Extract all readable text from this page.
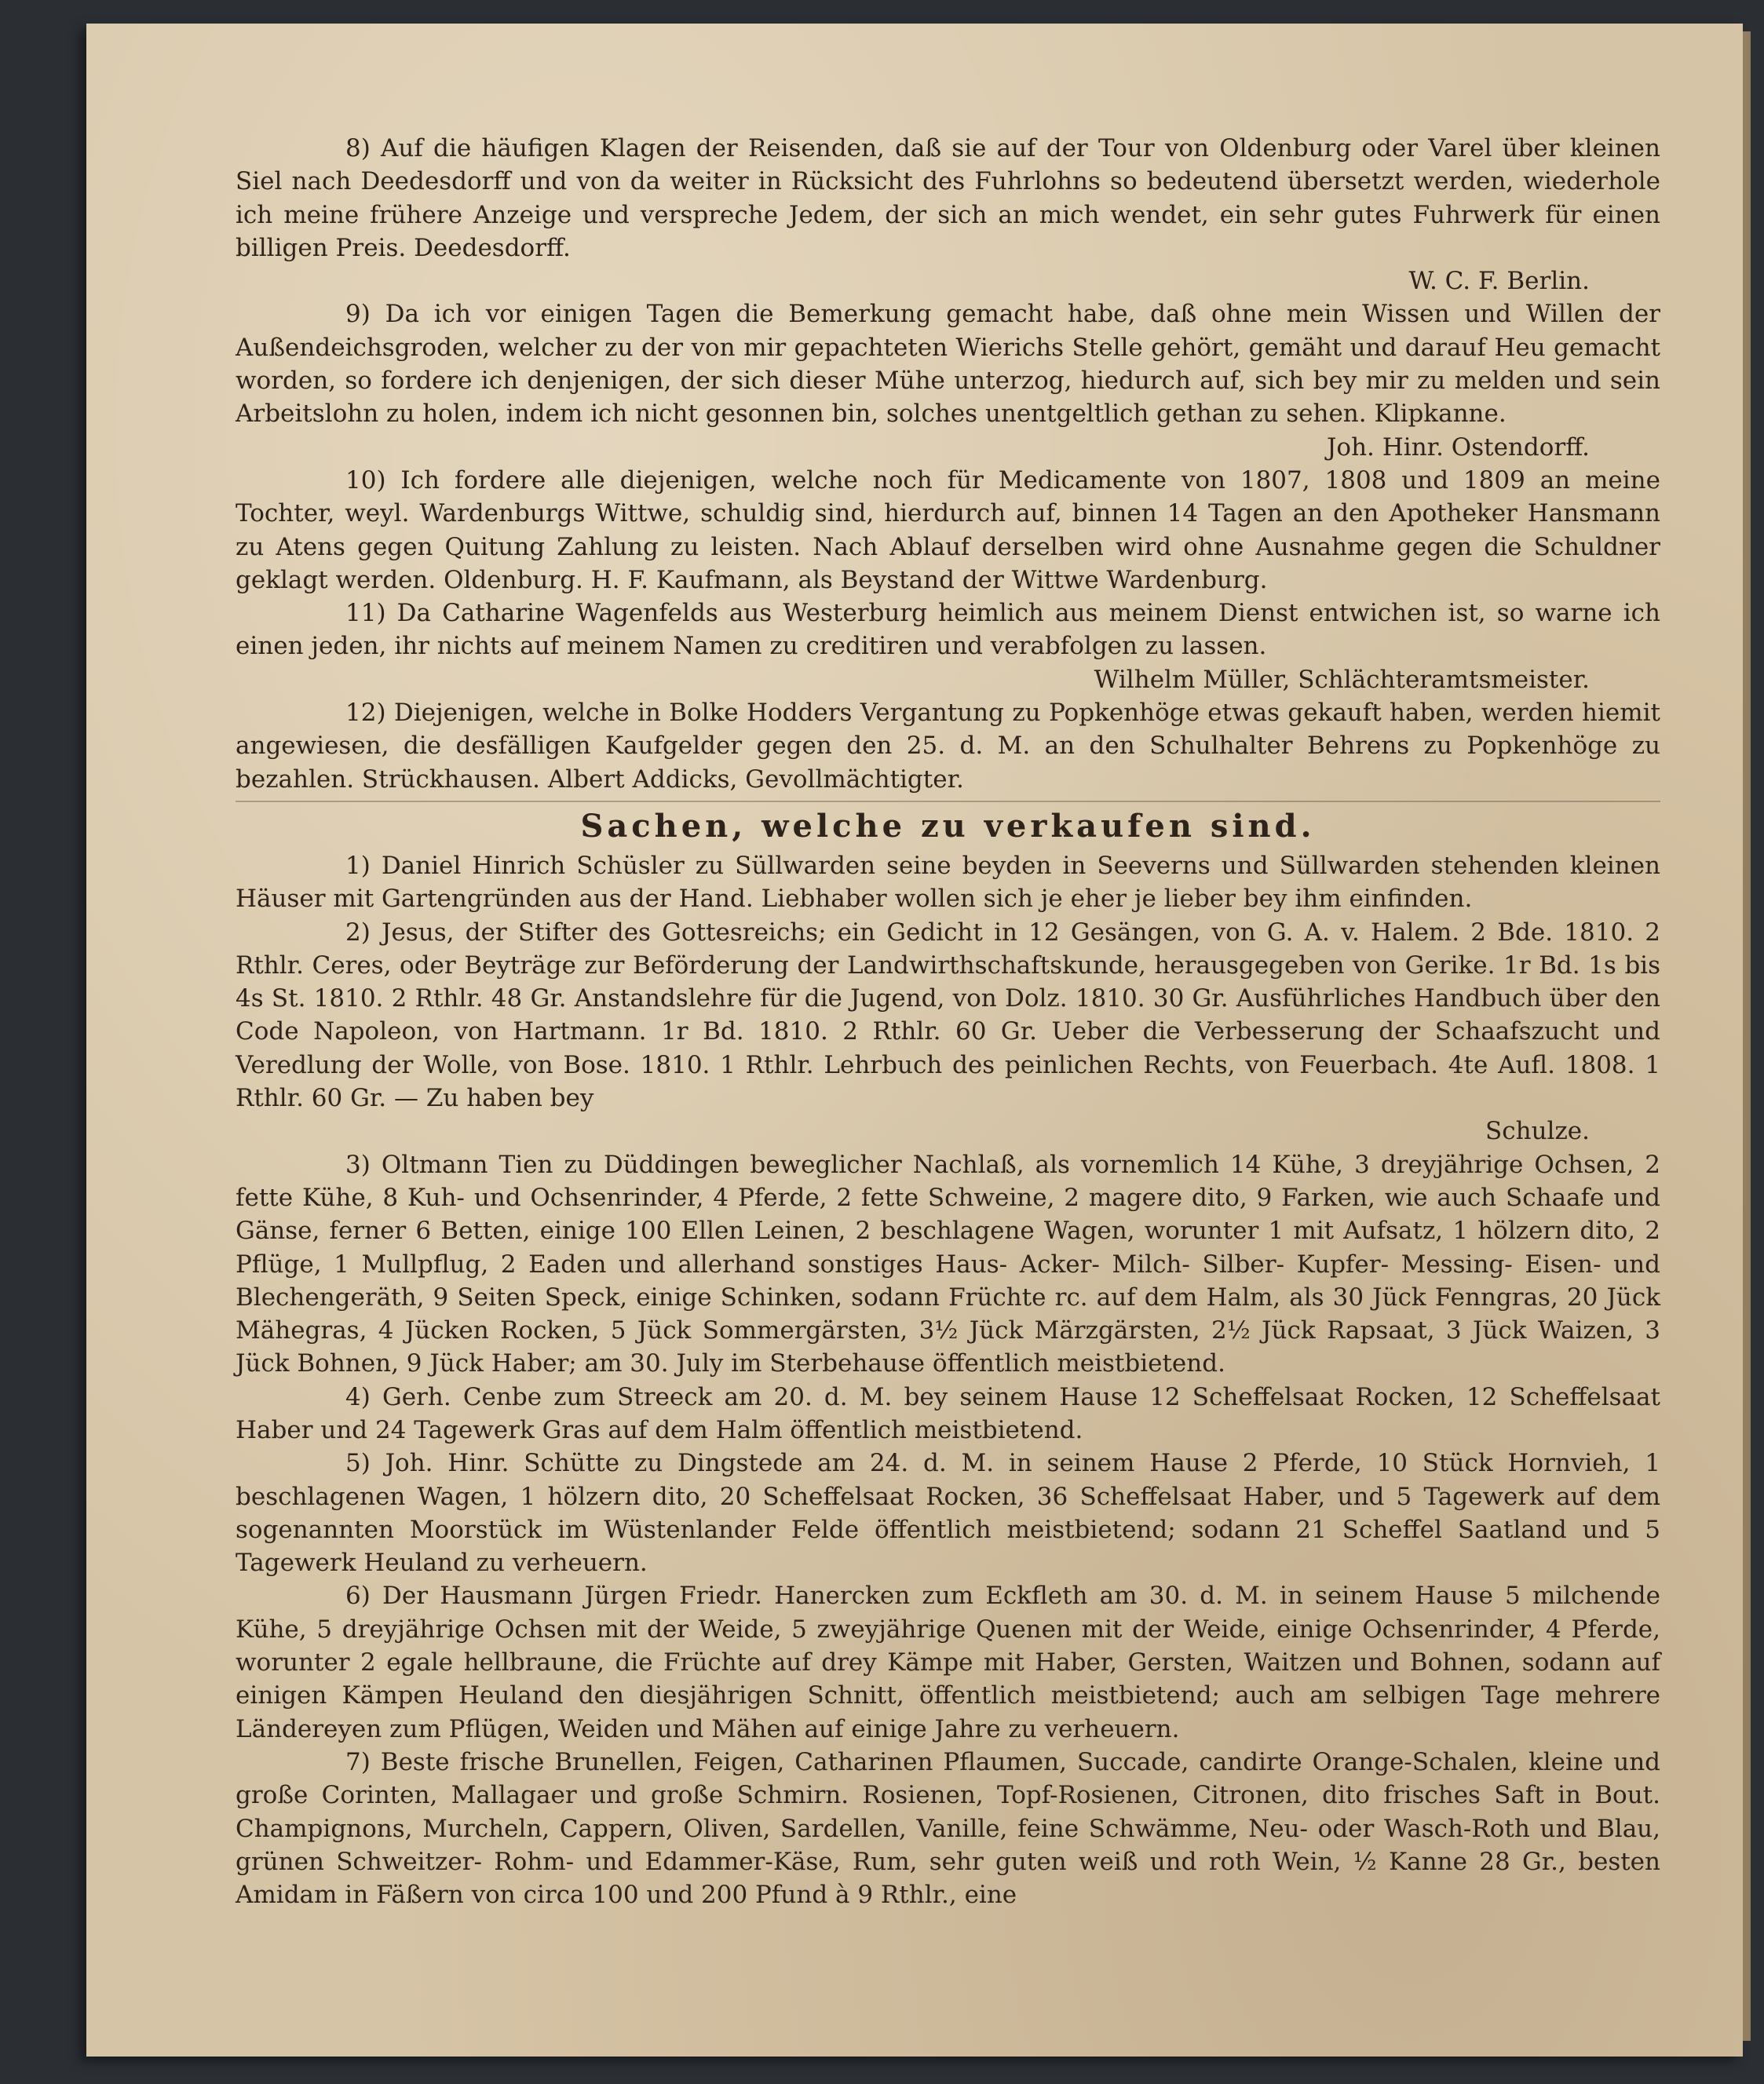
8) Auf die häufigen Klagen der Reisenden, daß sie auf der Tour von Oldenburg oder Varel über kleinen Siel nach Deedesdorff und von da weiter in Rücksicht des Fuhrlohns so bedeutend übersetzt werden, wiederhole ich meine frühere Anzeige und verspreche Jedem, der sich an mich wendet, ein sehr gutes Fuhrwerk für einen billigen Preis. Deedesdorff.

W. C. F. Berlin.

9) Da ich vor einigen Tagen die Bemerkung gemacht habe, daß ohne mein Wissen und Willen der Außendeichsgroden, welcher zu der von mir gepachteten Wierichs Stelle gehört, gemäht und darauf Heu gemacht worden, so fordere ich denjenigen, der sich dieser Mühe unterzog, hiedurch auf, sich bey mir zu melden und sein Arbeitslohn zu holen, indem ich nicht gesonnen bin, solches unentgeltlich gethan zu sehen. Klipkanne.

Joh. Hinr. Ostendorff.

10) Ich fordere alle diejenigen, welche noch für Medicamente von 1807, 1808 und 1809 an meine Tochter, weyl. Wardenburgs Wittwe, schuldig sind, hierdurch auf, binnen 14 Tagen an den Apotheker Hansmann zu Atens gegen Quitung Zahlung zu leisten. Nach Ablauf derselben wird ohne Ausnahme gegen die Schuldner geklagt werden. Oldenburg. H. F. Kaufmann, als Beystand der Wittwe Wardenburg.

11) Da Catharine Wagenfelds aus Westerburg heimlich aus meinem Dienst entwichen ist, so warne ich einen jeden, ihr nichts auf meinem Namen zu creditiren und verabfolgen zu lassen.

Wilhelm Müller, Schlächteramtsmeister.

12) Diejenigen, welche in Bolke Hodders Vergantung zu Popkenhöge etwas gekauft haben, werden hiemit angewiesen, die desfälligen Kaufgelder gegen den 25. d. M. an den Schulhalter Behrens zu Popkenhöge zu bezahlen. Strückhausen. Albert Addicks, Gevollmächtigter.

Sachen, welche zu verkaufen sind.

1) Daniel Hinrich Schüsler zu Süllwarden seine beyden in Seeverns und Süllwarden stehenden kleinen Häuser mit Gartengründen aus der Hand. Liebhaber wollen sich je eher je lieber bey ihm einfinden.

2) Jesus, der Stifter des Gottesreichs; ein Gedicht in 12 Gesängen, von G. A. v. Halem. 2 Bde. 1810. 2 Rthlr. Ceres, oder Beyträge zur Beförderung der Landwirthschaftskunde, herausgegeben von Gerike. 1r Bd. 1s bis 4s St. 1810. 2 Rthlr. 48 Gr. Anstandslehre für die Jugend, von Dolz. 1810. 30 Gr. Ausführliches Handbuch über den Code Napoleon, von Hartmann. 1r Bd. 1810. 2 Rthlr. 60 Gr. Ueber die Verbesserung der Schaafszucht und Veredlung der Wolle, von Bose. 1810. 1 Rthlr. Lehrbuch des peinlichen Rechts, von Feuerbach. 4te Aufl. 1808. 1 Rthlr. 60 Gr. — Zu haben bey

Schulze.

3) Oltmann Tien zu Düddingen beweglicher Nachlaß, als vornemlich 14 Kühe, 3 dreyjährige Ochsen, 2 fette Kühe, 8 Kuh- und Ochsenrinder, 4 Pferde, 2 fette Schweine, 2 magere dito, 9 Farken, wie auch Schaafe und Gänse, ferner 6 Betten, einige 100 Ellen Leinen, 2 beschlagene Wagen, worunter 1 mit Aufsatz, 1 hölzern dito, 2 Pflüge, 1 Mullpflug, 2 Eaden und allerhand sonstiges Haus- Acker- Milch- Silber- Kupfer- Messing- Eisen- und Blechengeräth, 9 Seiten Speck, einige Schinken, sodann Früchte rc. auf dem Halm, als 30 Jück Fenngras, 20 Jück Mähegras, 4 Jücken Rocken, 5 Jück Sommergärsten, 3½ Jück Märzgärsten, 2½ Jück Rapsaat, 3 Jück Waizen, 3 Jück Bohnen, 9 Jück Haber; am 30. July im Sterbehause öffentlich meistbietend.

4) Gerh. Cenbe zum Streeck am 20. d. M. bey seinem Hause 12 Scheffelsaat Rocken, 12 Scheffelsaat Haber und 24 Tagewerk Gras auf dem Halm öffentlich meistbietend.

5) Joh. Hinr. Schütte zu Dingstede am 24. d. M. in seinem Hause 2 Pferde, 10 Stück Hornvieh, 1 beschlagenen Wagen, 1 hölzern dito, 20 Scheffelsaat Rocken, 36 Scheffelsaat Haber, und 5 Tagewerk auf dem sogenannten Moorstück im Wüstenlander Felde öffentlich meistbietend; sodann 21 Scheffel Saatland und 5 Tagewerk Heuland zu verheuern.

6) Der Hausmann Jürgen Friedr. Hanercken zum Eckfleth am 30. d. M. in seinem Hause 5 milchende Kühe, 5 dreyjährige Ochsen mit der Weide, 5 zweyjährige Quenen mit der Weide, einige Ochsenrinder, 4 Pferde, worunter 2 egale hellbraune, die Früchte auf drey Kämpe mit Haber, Gersten, Waitzen und Bohnen, sodann auf einigen Kämpen Heuland den diesjährigen Schnitt, öffentlich meistbietend; auch am selbigen Tage mehrere Ländereyen zum Pflügen, Weiden und Mähen auf einige Jahre zu verheuern.

7) Beste frische Brunellen, Feigen, Catharinen Pflaumen, Succade, candirte Orange-Schalen, kleine und große Corinten, Mallagaer und große Schmirn. Rosienen, Topf-Rosienen, Citronen, dito frisches Saft in Bout. Champignons, Murcheln, Cappern, Oliven, Sardellen, Vanille, feine Schwämme, Neu- oder Wasch-Roth und Blau, grünen Schweitzer- Rohm- und Edammer-Käse, Rum, sehr guten weiß und roth Wein, ½ Kanne 28 Gr., besten Amidam in Fäßern von circa 100 und 200 Pfund à 9 Rthlr., eine
